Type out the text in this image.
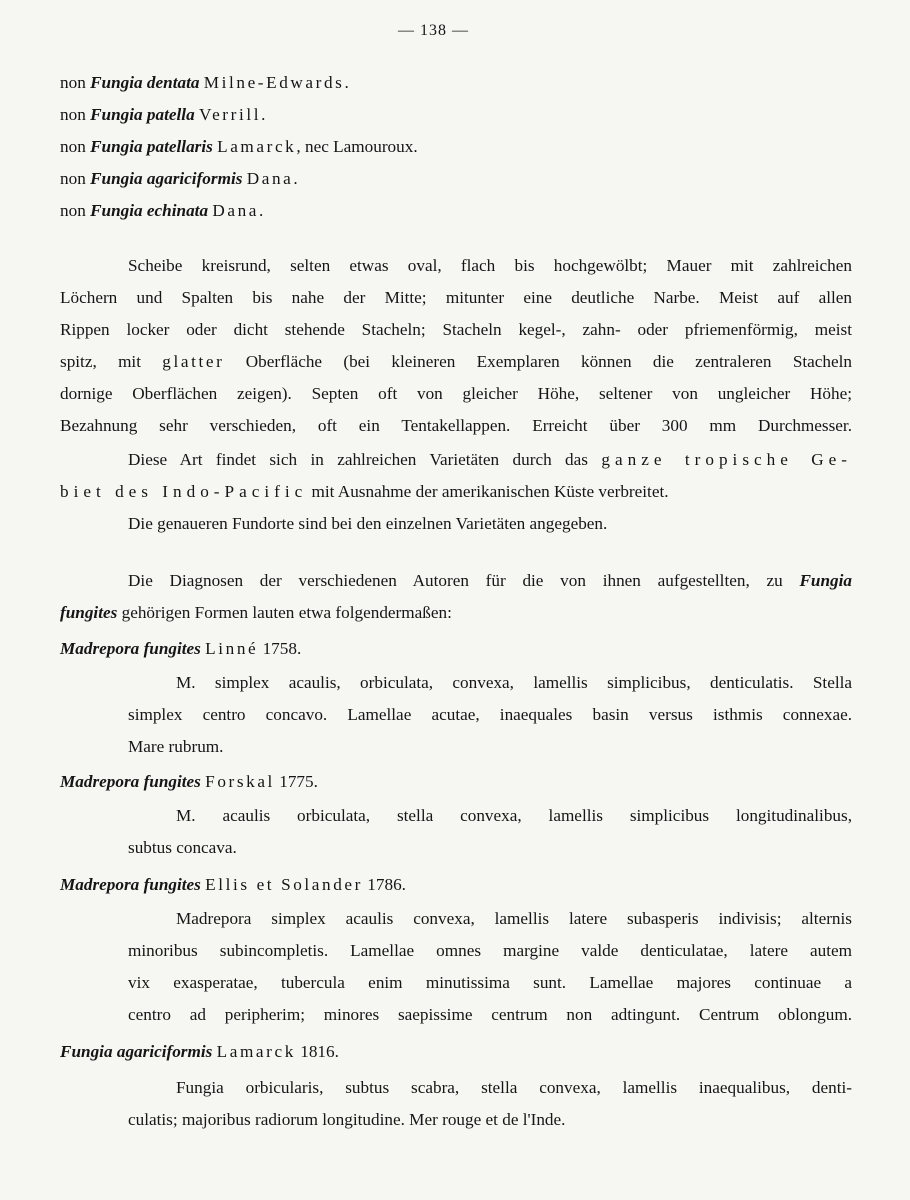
— 138 —
non Fungia dentata Milne-Edwards.
non Fungia patella Verrill.
non Fungia patellaris Lamarck, nec Lamouroux.
non Fungia agariciformis Dana.
non Fungia echinata Dana.
Scheibe kreisrund, selten etwas oval, flach bis hochgewölbt; Mauer mit zahlreichen
Löchern und Spalten bis nahe der Mitte; mitunter eine deutliche Narbe. Meist auf allen
Rippen locker oder dicht stehende Stacheln; Stacheln kegel-, zahn- oder pfriemenförmig, meist
spitz, mit glatter Oberfläche (bei kleineren Exemplaren können die zentraleren Stacheln
dornige Oberflächen zeigen). Septen oft von gleicher Höhe, seltener von ungleicher Höhe;
Bezahnung sehr verschieden, oft ein Tentakellappen. Erreicht über 300 mm Durchmesser.
Diese Art findet sich in zahlreichen Varietäten durch das ganze tropische Ge-
biet des Indo-Pacific mit Ausnahme der amerikanischen Küste verbreitet.
Die genaueren Fundorte sind bei den einzelnen Varietäten angegeben.
Die Diagnosen der verschiedenen Autoren für die von ihnen aufgestellten, zu Fungia
fungites gehörigen Formen lauten etwa folgendermaßen:
Madrepora fungites Linné 1758.
M. simplex acaulis, orbiculata, convexa, lamellis simplicibus, denticulatis. Stella
simplex centro concavo. Lamellae acutae, inaequales basin versus isthmis connexae.
Mare rubrum.
Madrepora fungites Forskal 1775.
M. acaulis orbiculata, stella convexa, lamellis simplicibus longitudinalibus,
subtus concava.
Madrepora fungites Ellis et Solander 1786.
Madrepora simplex acaulis convexa, lamellis latere subasperis indivisis; alternis
minoribus subincompletis. Lamellae omnes margine valde denticulatae, latere autem
vix exasperatae, tubercula enim minutissima sunt. Lamellae majores continuae a
centro ad peripherim; minores saepissime centrum non adtingunt. Centrum oblongum.
Fungia agariciformis Lamarck 1816.
Fungia orbicularis, subtus scabra, stella convexa, lamellis inaequalibus, denti-
culatis; majoribus radiorum longitudine. Mer rouge et de l'Inde.
